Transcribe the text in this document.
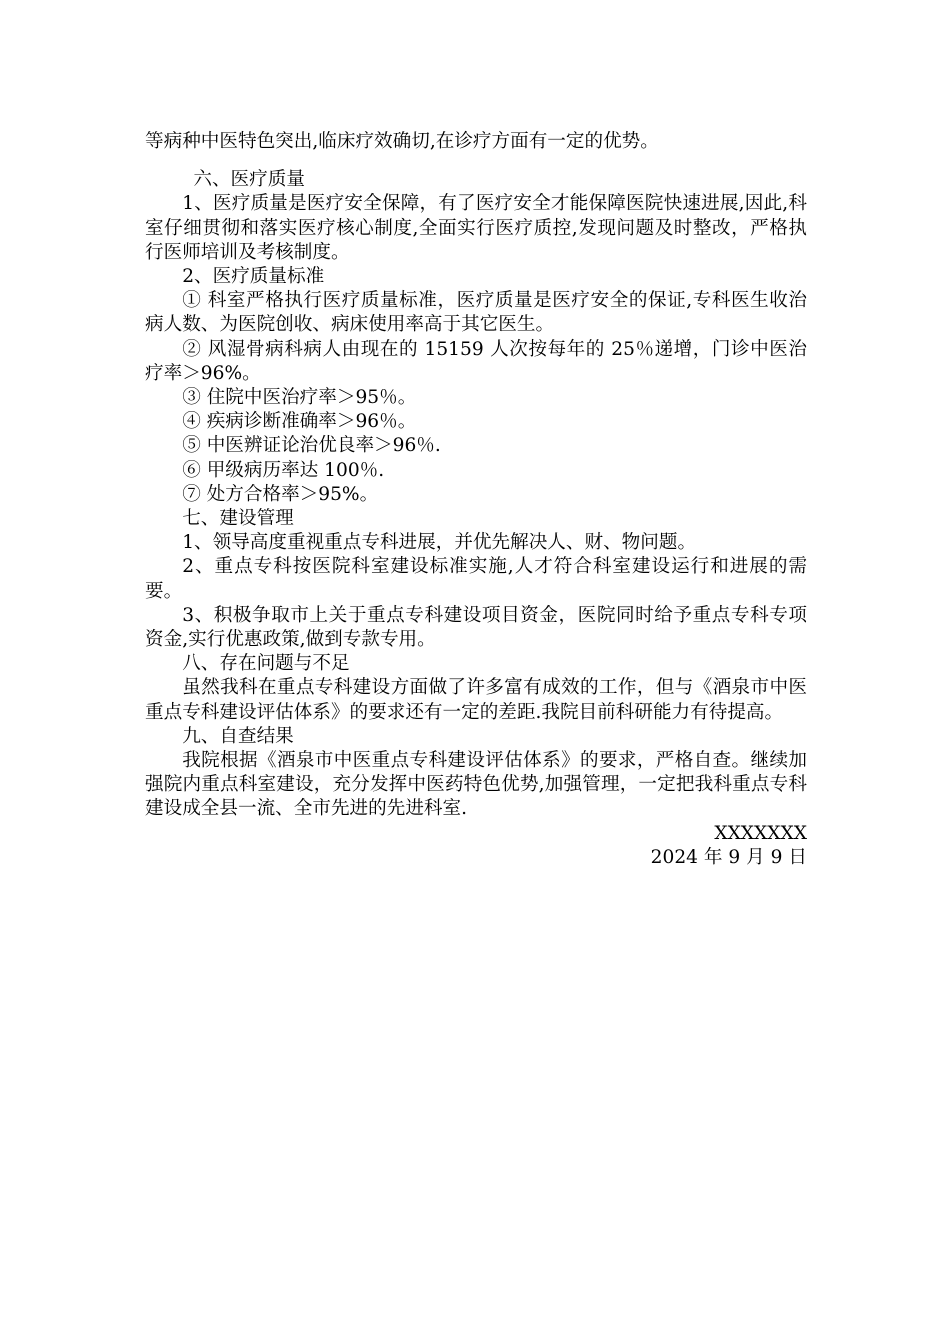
等病种中医特色突出,临床疗效确切,在诊疗方面有一定的优势。

六、医疗质量

1、医疗质量是医疗安全保障，有了医疗安全才能保障医院快速进展,因此,科室仔细贯彻和落实医疗核心制度,全面实行医疗质控,发现问题及时整改，严格执行医师培训及考核制度。

2、医疗质量标准

① 科室严格执行医疗质量标准，医疗质量是医疗安全的保证,专科医生收治病人数、为医院创收、病床使用率高于其它医生。

② 风湿骨病科病人由现在的 15159 人次按每年的 25％递增，门诊中医治疗率＞96%。

③ 住院中医治疗率＞95％。

④ 疾病诊断准确率＞96％。

⑤ 中医辨证论治优良率＞96％.

⑥ 甲级病历率达 100％.

⑦ 处方合格率＞95%。

七、建设管理

1、领导高度重视重点专科进展，并优先解决人、财、物问题。

2、重点专科按医院科室建设标准实施,人才符合科室建设运行和进展的需要。

3、积极争取市上关于重点专科建设项目资金，医院同时给予重点专科专项资金,实行优惠政策,做到专款专用。

八、存在问题与不足

虽然我科在重点专科建设方面做了许多富有成效的工作，但与《酒泉市中医重点专科建设评估体系》的要求还有一定的差距.我院目前科研能力有待提高。

九、自查结果

我院根据《酒泉市中医重点专科建设评估体系》的要求，严格自查。继续加强院内重点科室建设，充分发挥中医药特色优势,加强管理，一定把我科重点专科建设成全县一流、全市先进的先进科室.

XXXXXXX

2024 年 9 月 9 日
